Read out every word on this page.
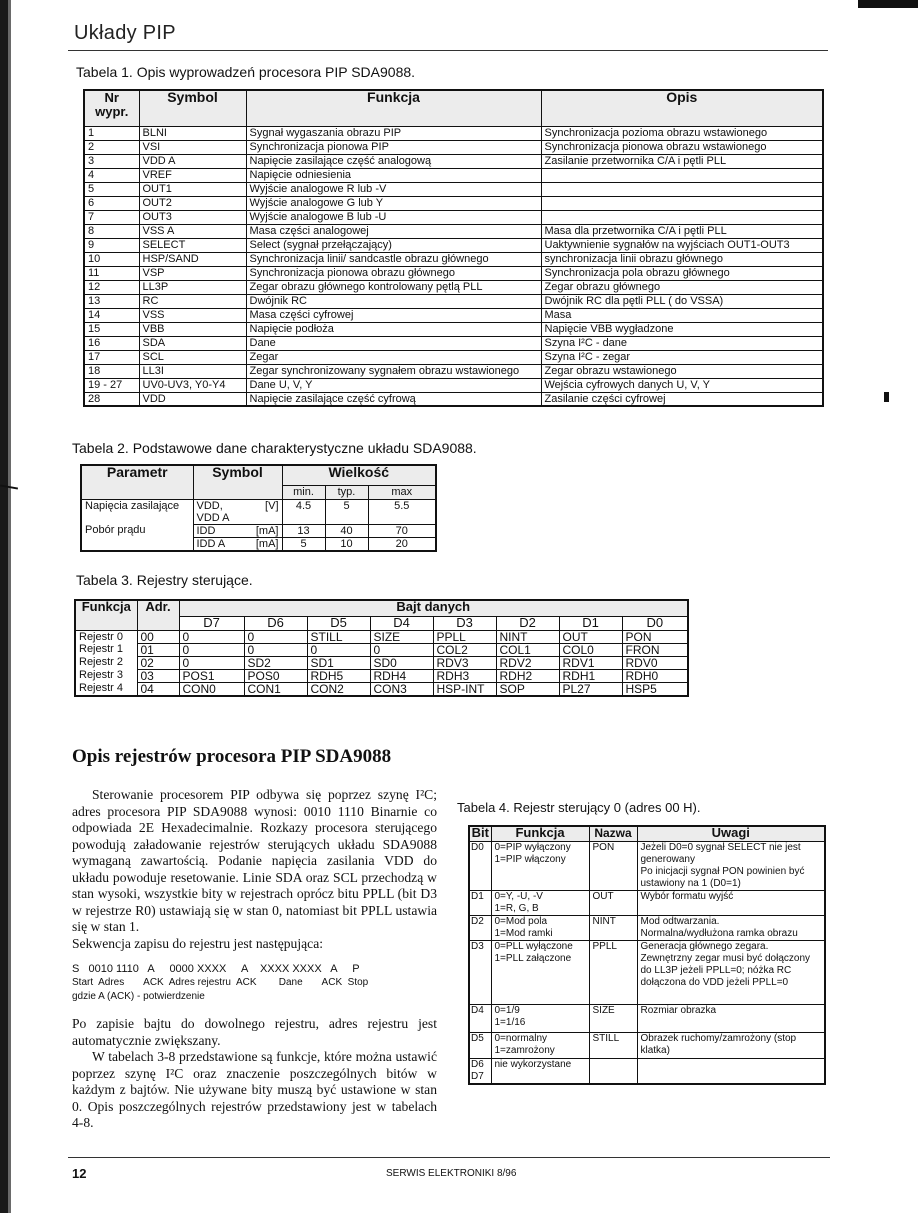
Układy PIP
Tabela 1. Opis wyprowadzeń procesora PIP SDA9088.
Nr wypr.	Symbol	Funkcja	Opis
1	BLNI	Sygnał wygaszania obrazu PIP	Synchronizacja pozioma obrazu wstawionego
2	VSI	Synchronizacja pionowa PIP	Synchronizacja pionowa obrazu wstawionego
3	VDD A	Napięcie zasilające część analogową	Zasilanie przetwornika C/A i pętli PLL
4	VREF	Napięcie odniesienia	
5	OUT1	Wyjście analogowe R lub -V	
6	OUT2	Wyjście analogowe G lub Y	
7	OUT3	Wyjście analogowe B lub -U	
8	VSS A	Masa części analogowej	Masa dla przetwornika C/A i pętli PLL
9	SELECT	Select (sygnał przełączający)	Uaktywnienie sygnałów na wyjściach OUT1-OUT3
10	HSP/SAND	Synchronizacja linii/ sandcastle obrazu głównego	synchronizacja linii obrazu głównego
11	VSP	Synchronizacja pionowa obrazu głównego	Synchronizacja pola obrazu głównego
12	LL3P	Zegar obrazu głównego kontrolowany pętlą PLL	Zegar obrazu głównego
13	RC	Dwójnik RC	Dwójnik RC dla pętli PLL ( do VSSA)
14	VSS	Masa części cyfrowej	Masa
15	VBB	Napięcie podłoża	Napięcie VBB wygładzone
16	SDA	Dane	Szyna I²C - dane
17	SCL	Zegar	Szyna I²C - zegar
18	LL3I	Zegar synchronizowany sygnałem obrazu wstawionego	Zegar obrazu wstawionego
19 - 27	UV0-UV3, Y0-Y4	Dane U, V, Y	Wejścia cyfrowych danych U, V, Y
28	VDD	Napięcie zasilające część cyfrową	Zasilanie części cyfrowej
Tabela 2. Podstawowe dane charakterystyczne układu SDA9088.
Parametr	Symbol		Wielkość		
			min.	typ.	max
Napięcia zasilające	VDD, VDD A	[V]	4.5	5	5.5
Pobór prądu	IDD	[mA]	13	40	70
	IDD A	[mA]	5	10	20
Tabela 3. Rejestry sterujące.
Funkcja	Adr.	Bajt danych							
		D7	D6	D5	D4	D3	D2	D1	D0
Rejestr 0	00	0	0	STILL	SIZE	PPLL	NINT	OUT	PON
Rejestr 1	01	0	0	0	0	COL2	COL1	COL0	FRON
Rejestr 2	02	0	SD2	SD1	SD0	RDV3	RDV2	RDV1	RDV0
Rejestr 3	03	POS1	POS0	RDH5	RDH4	RDH3	RDH2	RDH1	RDH0
Rejestr 4	04	CON0	CON1	CON2	CON3	HSP-INT	SOP	PL27	HSP5
Opis rejestrów procesora PIP SDA9088
Sterowanie procesorem PIP odbywa się poprzez szynę I²C; adres procesora PIP SDA9088 wynosi: 0010 1110 Binarnie co odpowiada 2E Hexadecimalnie. Rozkazy procesora sterującego powodują załadowanie rejestrów sterujących układu SDA9088 wymaganą zawartością. Podanie napięcia zasilania VDD do układu powoduje resetowanie. Linie SDA oraz SCL przechodzą w stan wysoki, wszystkie bity w rejestrach oprócz bitu PPLL (bit D3 w rejestrze R0) ustawiają się w stan 0, natomiast bit PPLL ustawia się w stan 1.
Sekwencja zapisu do rejestru jest następująca:
S   0010 1110   A     0000 XXXX     A    XXXX XXXX   A     P
Start  Adres       ACK  Adres rejestru  ACK        Dane       ACK  Stop
gdzie A (ACK) - potwierdzenie
Po zapisie bajtu do dowolnego rejestru, adres rejestru jest automatycznie zwiększany.
W tabelach 3-8 przedstawione są funkcje, które można ustawić poprzez szynę I²C oraz znaczenie poszczególnych bitów w każdym z bajtów. Nie używane bity muszą być ustawione w stan 0. Opis poszczególnych rejestrów przedstawiony jest w tabelach 4-8.
Tabela 4. Rejestr sterujący 0 (adres 00 H).
Bit	Funkcja	Nazwa	Uwagi
D0	0=PIP wyłączony
1=PIP włączony	PON	Jeżeli D0=0 sygnał SELECT nie jest generowany
Po inicjacji sygnał PON powinien być ustawiony na 1 (D0=1)
D1	0=Y, -U, -V
1=R, G, B	OUT	Wybór formatu wyjść
D2	0=Mod pola
1=Mod ramki	NINT	Mod odtwarzania.
Normalna/wydłużona ramka obrazu
D3	0=PLL wyłączone
1=PLL załączone	PPLL	Generacja głównego zegara.
Zewnętrzny zegar musi być dołączony do LL3P jeżeli PPLL=0; nóżka RC dołączona do VDD jeżeli PPLL=0
D4	0=1/9
1=1/16	SIZE	Rozmiar obrazka
D5	0=normalny
1=zamrożony	STILL	Obrazek ruchomy/zamrożony (stop klatka)
D6
D7	nie wykorzystane		
12	SERWIS ELEKTRONIKI 8/96
